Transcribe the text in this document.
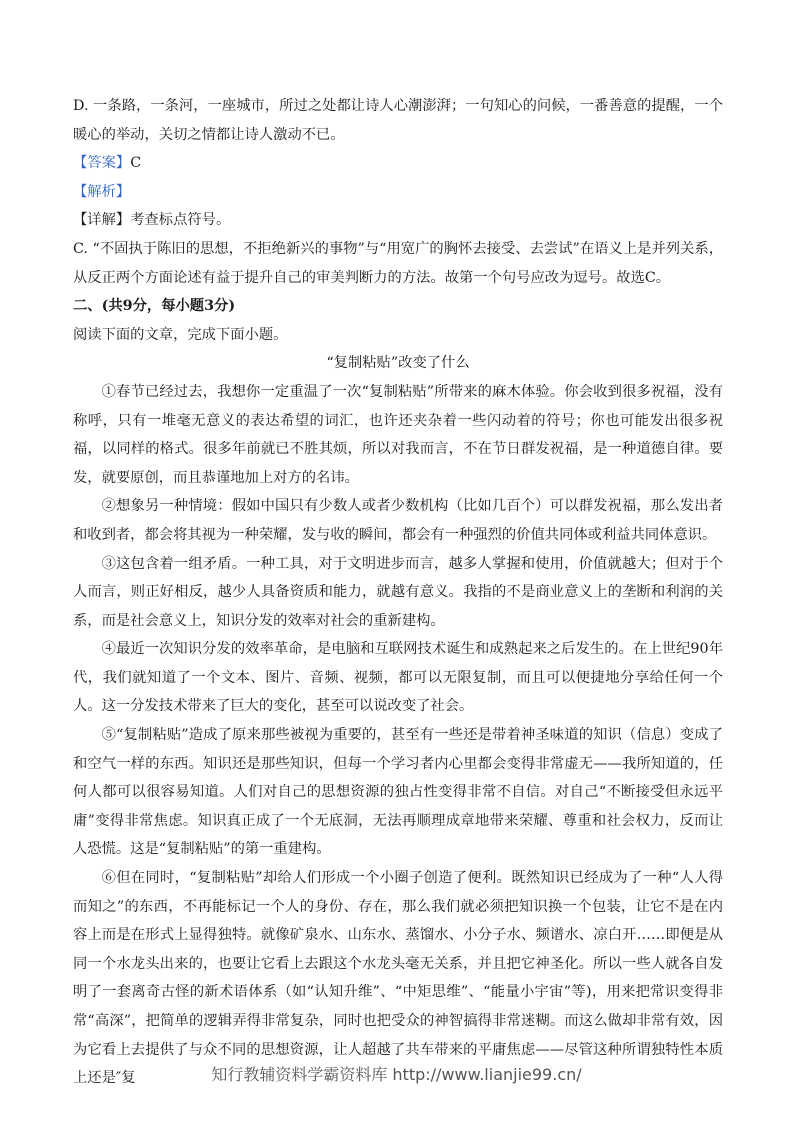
D. 一条路，一条河，一座城市，所过之处都让诗人心潮澎湃；一句知心的问候，一番善意的提醒，一个暖心的举动，关切之情都让诗人激动不已。

【答案】C

【解析】

【详解】考查标点符号。

C. “不固执于陈旧的思想，不拒绝新兴的事物”与“用宽广的胸怀去接受、去尝试”在语义上是并列关系，从反正两个方面论述有益于提升自己的审美判断力的方法。故第一个句号应改为逗号。故选C。

二、(共9分，每小题3分)

阅读下面的文章，完成下面小题。

“复制粘贴”改变了什么

①春节已经过去，我想你一定重温了一次“复制粘贴”所带来的麻木体验。你会收到很多祝福，没有称呼，只有一堆毫无意义的表达希望的词汇，也许还夹杂着一些闪动着的符号；你也可能发出很多祝福，以同样的格式。很多年前就已不胜其烦，所以对我而言，不在节日群发祝福，是一种道德自律。要发，就要原创，而且恭谨地加上对方的名讳。

②想象另一种情境：假如中国只有少数人或者少数机构（比如几百个）可以群发祝福，那么发出者和收到者，都会将其视为一种荣耀，发与收的瞬间，都会有一种强烈的价值共同体或利益共同体意识。

③这包含着一组矛盾。一种工具，对于文明进步而言，越多人掌握和使用，价值就越大；但对于个人而言，则正好相反，越少人具备资质和能力，就越有意义。我指的不是商业意义上的垄断和利润的关系，而是社会意义上，知识分发的效率对社会的重新建构。

④最近一次知识分发的效率革命，是电脑和互联网技术诞生和成熟起来之后发生的。在上世纪90年代，我们就知道了一个文本、图片、音频、视频，都可以无限复制，而且可以便捷地分享给任何一个人。这一分发技术带来了巨大的变化，甚至可以说改变了社会。

⑤“复制粘贴”造成了原来那些被视为重要的，甚至有一些还是带着神圣味道的知识（信息）变成了和空气一样的东西。知识还是那些知识，但每一个学习者内心里都会变得非常虚无——我所知道的，任何人都可以很容易知道。人们对自己的思想资源的独占性变得非常不自信。对自己“不断接受但永远平庸”变得非常焦虑。知识真正成了一个无底洞，无法再顺理成章地带来荣耀、尊重和社会权力，反而让人恐慌。这是“复制粘贴”的第一重建构。

⑥但在同时，“复制粘贴”却给人们形成一个小圈子创造了便利。既然知识已经成为了一种“人人得而知之”的东西，不再能标记一个人的身份、存在，那么我们就必须把知识换一个包装，让它不是在内容上而是在形式上显得独特。就像矿泉水、山东水、蒸馏水、小分子水、频谱水、凉白开……即便是从同一个水龙头出来的，也要让它看上去跟这个水龙头毫无关系，并且把它神圣化。所以一些人就各自发明了一套离奇古怪的新术语体系（如“认知升维”、“中矩思维”、“能量小宇宙”等)，用来把常识变得非常“高深”，把简单的逻辑弄得非常复杂，同时也把受众的神智搞得非常迷糊。而这么做却非常有效，因为它看上去提供了与众不同的思想资源，让人超越了共车带来的平庸焦虑——尽管这种所谓独特性本质上还是″复	知行教辅资料学霸资料库 http://www.lianjie99.cn/
